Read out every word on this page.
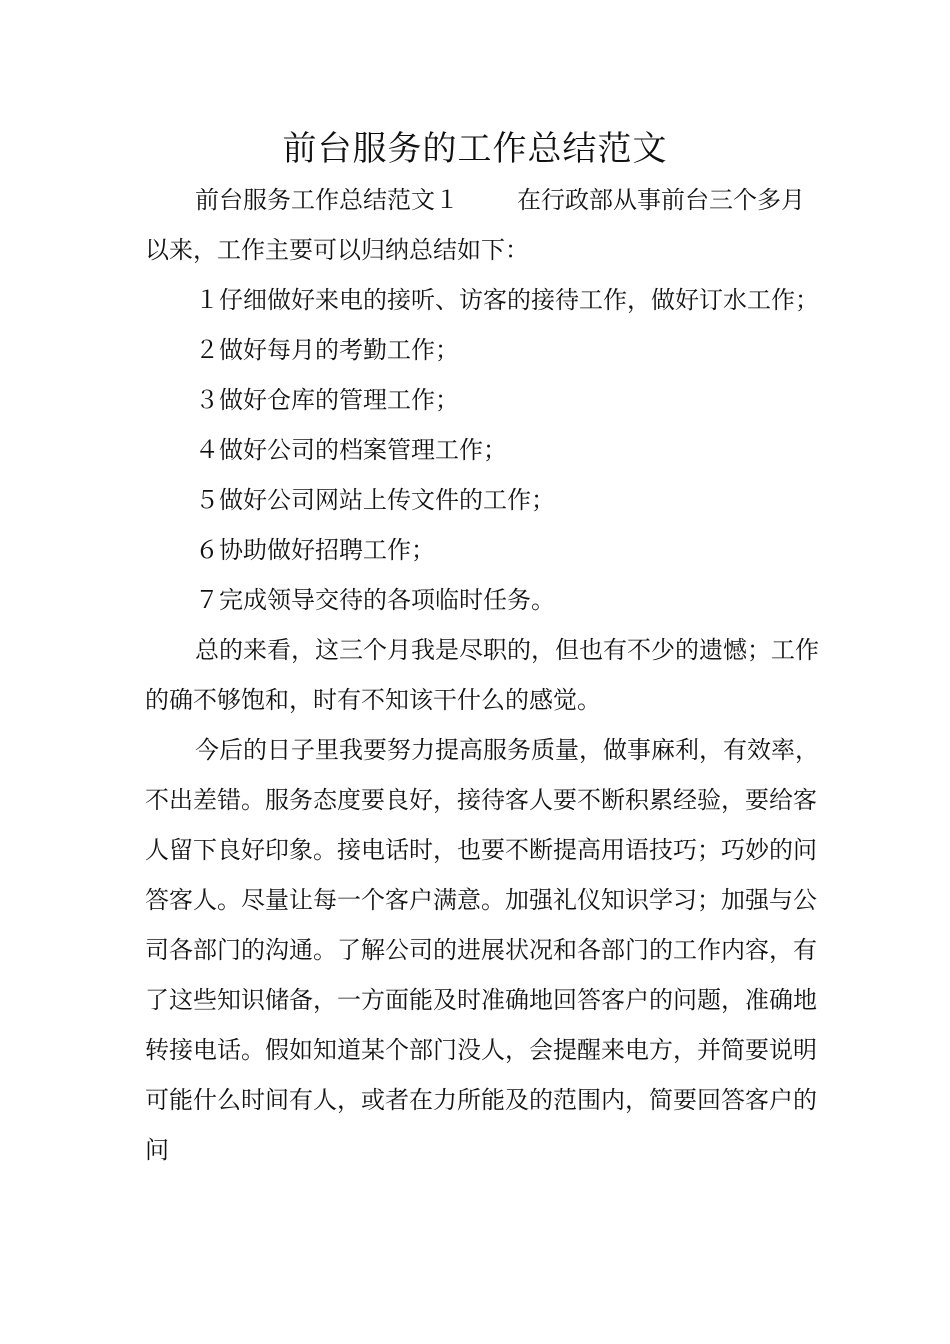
前台服务的工作总结范文

前台服务工作总结范文１ 在行政部从事前台三个多月以来，工作主要可以归纳总结如下：

１仔细做好来电的接听、访客的接待工作，做好订水工作；

２做好每月的考勤工作；

３做好仓库的管理工作；

４做好公司的档案管理工作；

５做好公司网站上传文件的工作；

６协助做好招聘工作；

７完成领导交待的各项临时任务。

总的来看，这三个月我是尽职的，但也有不少的遗憾；工作的确不够饱和，时有不知该干什么的感觉。

今后的日子里我要努力提高服务质量，做事麻利，有效率，不出差错。服务态度要良好，接待客人要不断积累经验，要给客人留下良好印象。接电话时，也要不断提高用语技巧；巧妙的问答客人。尽量让每一个客户满意。加强礼仪知识学习；加强与公司各部门的沟通。了解公司的进展状况和各部门的工作内容，有了这些知识储备，一方面能及时准确地回答客户的问题，准确地转接电话。假如知道某个部门没人，会提醒来电方，并简要说明可能什么时间有人，或者在力所能及的范围内，简要回答客户的问
